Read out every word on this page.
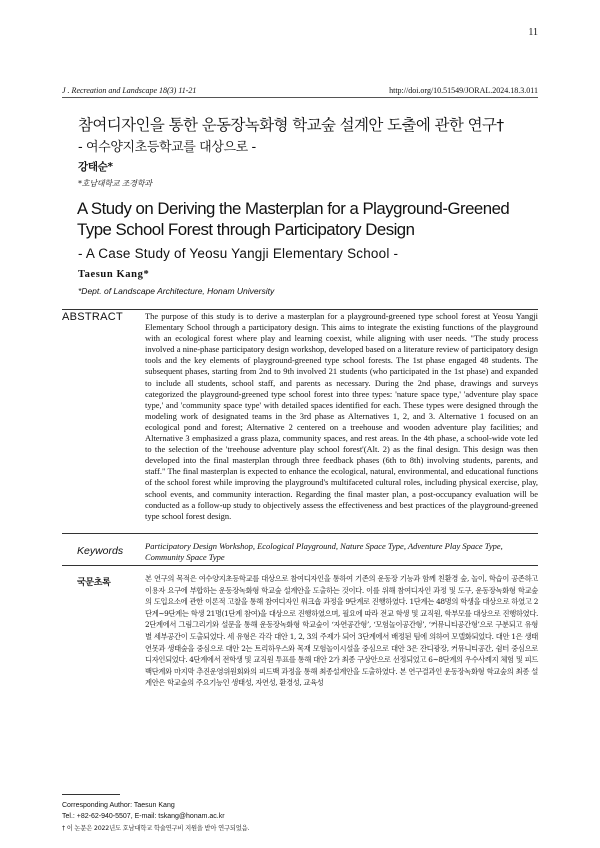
11
J . Recreation and Landscape 18(3) 11-21	http://doi.org/10.51549/JORAL.2024.18.3.011
참여디자인을 통한 운동장녹화형 학교숲 설계안 도출에 관한 연구†
- 여수양지초등학교를 대상으로 -
강태순*
*호남대학교 조경학과
A Study on Deriving the Masterplan for a Playground-Greened Type School Forest through Participatory Design
- A Case Study of Yeosu Yangji Elementary School -
Taesun Kang*
*Dept. of Landscape Architecture, Honam University
ABSTRACT	The purpose of this study is to derive a masterplan for a playground-greened type school forest at Yeosu Yangji Elementary School through a participatory design. This aims to integrate the existing functions of the playground with an ecological forest where play and learning coexist, while aligning with user needs. "The study process involved a nine-phase participatory design workshop, developed based on a literature review of participatory design tools and the key elements of playground-greened type school forests. The 1st phase engaged 48 students. The subsequent phases, starting from 2nd to 9th involved 21 students (who participated in the 1st phase) and expanded to include all students, school staff, and parents as necessary. During the 2nd phase, drawings and surveys categorized the playground-greened type school forest into three types: 'nature space type,' 'adventure play space type,' and 'community space type' with detailed spaces identified for each. These types were designed through the modeling work of designated teams in the 3rd phase as Alternatives 1, 2, and 3. Alternative 1 focused on an ecological pond and forest; Alternative 2 centered on a treehouse and wooden adventure play facilities; and Alternative 3 emphasized a grass plaza, community spaces, and rest areas. In the 4th phase, a school-wide vote led to the selection of the 'treehouse adventure play school forest'(Alt. 2) as the final design. This design was then developed into the final masterplan through three feedback phases (6th to 8th) involving students, parents, and staff." The final masterplan is expected to enhance the ecological, natural, environmental, and educational functions of the school forest while improving the playground's multifaceted cultural roles, including physical exercise, play, school events, and community interaction. Regarding the final master plan, a post-occupancy evaluation will be conducted as a follow-up study to objectively assess the effectiveness and best practices of the playground-greened type school forest design.
Keywords	Participatory Design Workshop, Ecological Playground, Nature Space Type, Adventure Play Space Type, Community Space Type
국문초록	본 연구의 목적은 여수양지초등학교를 대상으로 참여디자인을 통하여 기존의 운동장 기능과 함께 친환경 숲, 놀이, 학습이 공존하고 이용자 요구에 부합하는 운동장녹화형 학교숲 설계안을 도출하는 것이다. 이를 위해 참여디자인 과정 및 도구, 운동장녹화형 학교숲의 도입요소에 관한 이론적 고찰을 통해 참여디자인 워크숍 과정을 9단계로 진행하였다. 1단계는 48명의 학생을 대상으로 하였고 2단계~9단계는 학생 21명(1단계 참여)을 대상으로 진행하였으며, 필요에 따라 전교 학생 및 교직원, 학부모를 대상으로 진행하였다. 2단계에서 그림그리기와 설문을 통해 운동장녹화형 학교숲이 ‘자연공간형’, ‘모험놀이공간형’, ‘커뮤니티공간형’으로 구분되고 유형별 세부공간이 도출되었다. 세 유형은 각각 대안 1, 2, 3의 주제가 되어 3단계에서 배정된 팀에 의하여 모델화되었다. 대안 1은 생태연못과 생태숲을 중심으로 대안 2는 트리하우스와 목재 모험놀이시설을 중심으로 대안 3은 잔디광장, 커뮤니티공간, 쉼터 중심으로 디자인되었다. 4단계에서 전학생 및 교직원 투표를 통해 대안 2가 최종 구상안으로 선정되었고 6~8단계의 우수사례지 체험 및 피드백단계와 마지막 추진운영위원회와의 피드백 과정을 통해 최종설계안을 도출하였다. 본 연구결과인 운동장녹화형 학교숲의 최종 설계안은 학교숲의 주요기능인 생태성, 자연성, 환경성, 교육성
Corresponding Author: Taesun Kang
Tel.: +82-62-940-5507, E-mail: tskang@honam.ac.kr
† 이 논문은 2022년도 호남대학교 학술연구비 지원을 받아 연구되었음.
